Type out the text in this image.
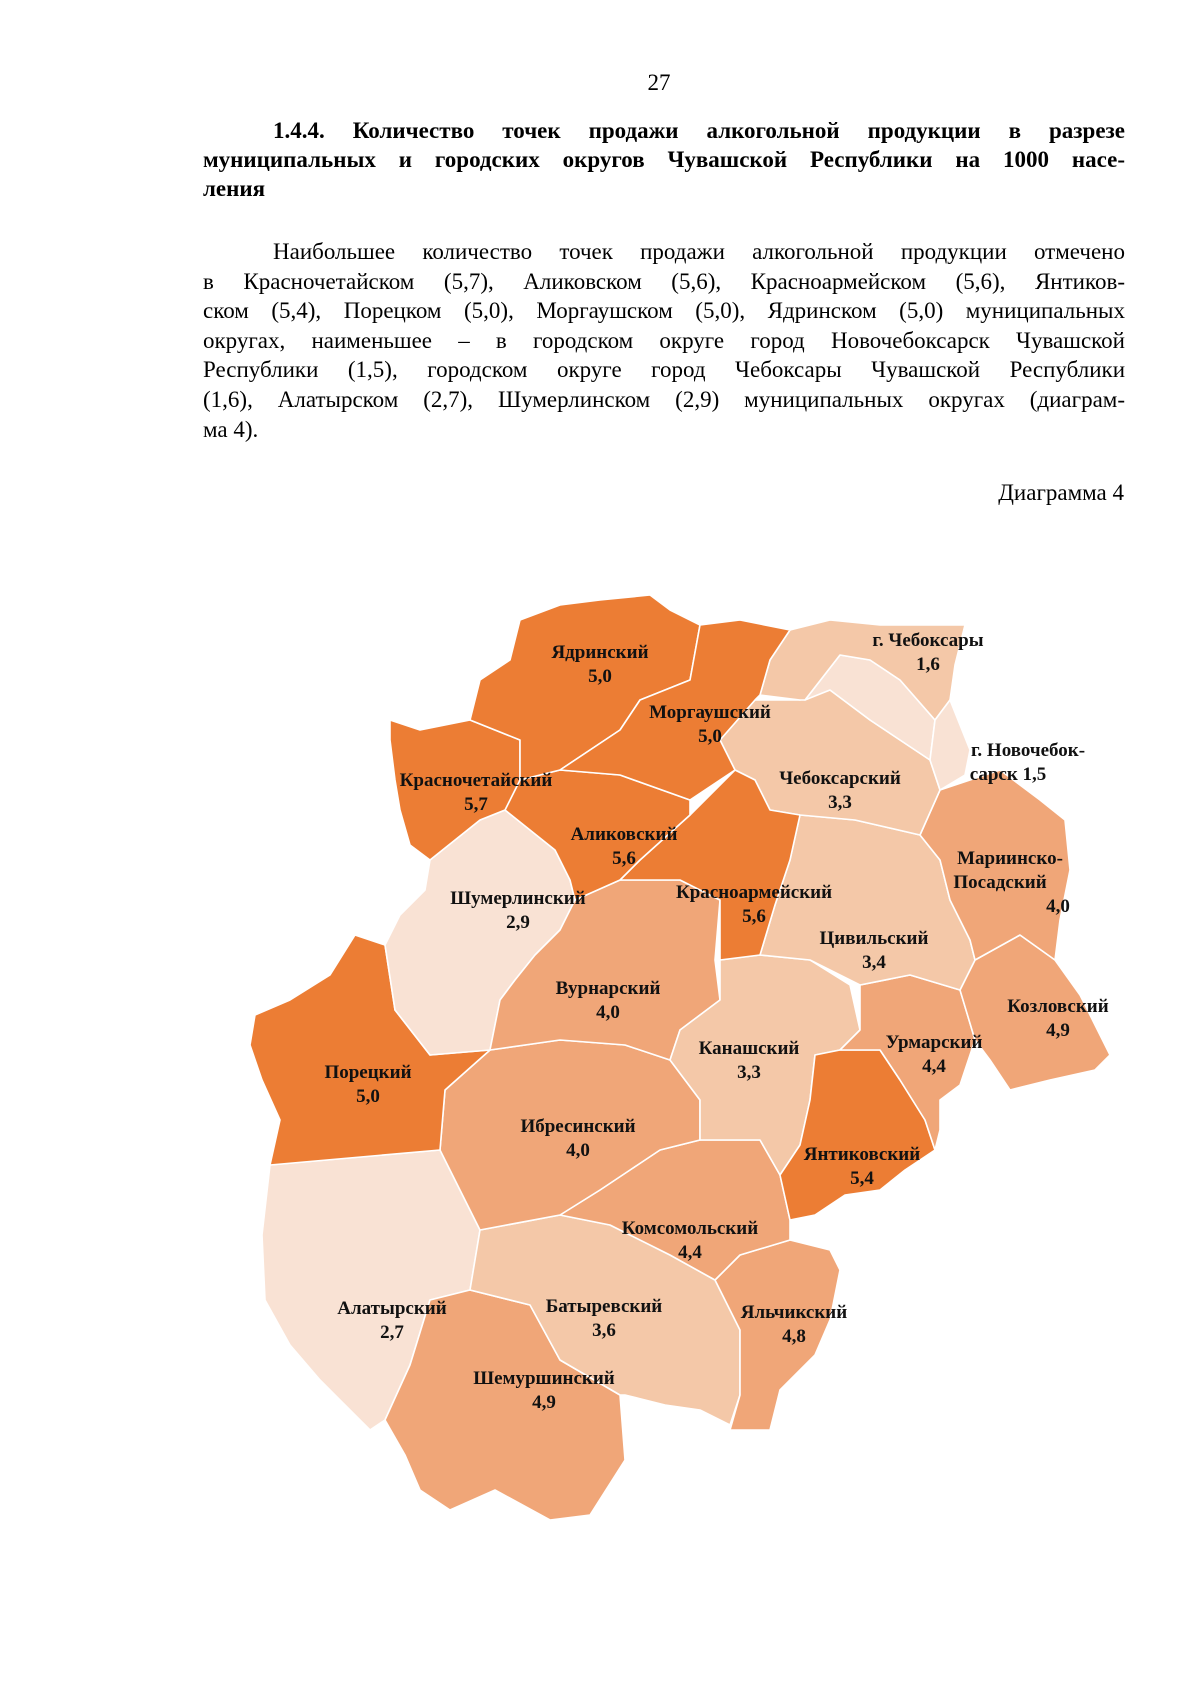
27
1.4.4. Количество точек продажи алкогольной продукции в разрезе
муниципальных и городских округов Чувашской Республики на 1000 насе-
ления
Наибольшее количество точек продажи алкогольной продукции отмечено
в Красночетайском (5,7), Аликовском (5,6), Красноармейском (5,6), Янтиков-
ском (5,4), Порецком (5,0), Моргаушском (5,0), Ядринском (5,0) муниципальных
округах, наименьшее – в городском округе город Новочебоксарск Чувашской
Республики (1,5), городском округе город Чебоксары Чувашской Республики
(1,6), Алатырском (2,7), Шумерлинском (2,9) муниципальных округах (диаграм-
ма 4).
Диаграмма 4
Ядринский
5,0
Моргаушский
5,0
г. Чебоксары
1,6
г. Новочебок-
сарск 1,5
Красночетайский
5,7
Чебоксарский
3,3
Аликовский
5,6	Мариинско-
Посадский
4,0
Шумерлинский
2,9
Красноармейский
5,6
Цивильский
3,4
Вурнарский
4,0	Козловский
4,9
Канашский
3,3
Урмарский
4,4
Порецкий
5,0
Ибресинский
4,0	Янтиковский
5,4
Комсомольский
4,4
Алатырский
2,7
Батыревский
3,6
Яльчикский
4,8
Шемуршинский
4,9
